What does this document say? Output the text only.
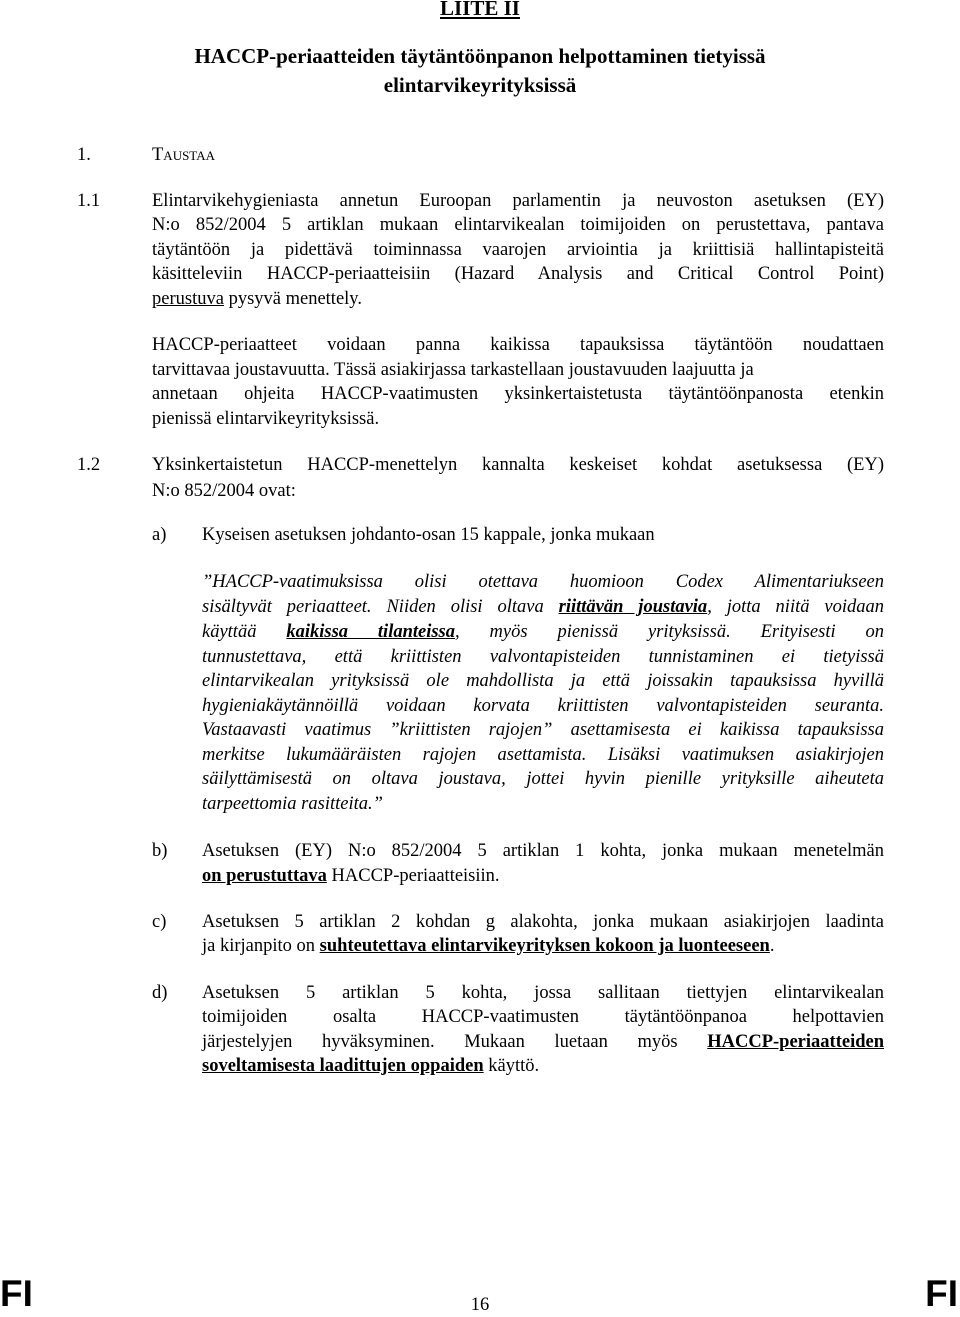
LIITE II
HACCP-periaatteiden täytäntöönpanon helpottaminen tietyissä
elintarvikeyrityksissä
1.	Taustaa
1.1	Elintarvikehygieniasta annetun Euroopan parlamentin ja neuvoston asetuksen (EY)
N:o 852/2004 5 artiklan mukaan elintarvikealan toimijoiden on perustettava, pantava
täytäntöön ja pidettävä toiminnassa vaarojen arviointia ja kriittisiä hallintapisteitä
käsitteleviin HACCP-periaatteisiin (Hazard Analysis and Critical Control Point)
perustuva pysyvä menettely.
HACCP-periaatteet voidaan panna kaikissa tapauksissa täytäntöön noudattaen
tarvittavaa joustavuutta. Tässä asiakirjassa tarkastellaan joustavuuden laajuutta ja
annetaan ohjeita HACCP-vaatimusten yksinkertaistetusta täytäntöönpanosta etenkin
pienissä elintarvikeyrityksissä.
1.2	Yksinkertaistetun HACCP-menettelyn kannalta keskeiset kohdat asetuksessa (EY)
N:o 852/2004 ovat:
a) Kyseisen asetuksen johdanto-osan 15 kappale, jonka mukaan
”HACCP-vaatimuksissa olisi otettava huomioon Codex Alimentariukseen
sisältyvät periaatteet. Niiden olisi oltava riittävän joustavia, jotta niitä voidaan
käyttää kaikissa tilanteissa, myös pienissä yrityksissä. Erityisesti on
tunnustettava, että kriittisten valvontapisteiden tunnistaminen ei tietyissä
elintarvikealan yrityksissä ole mahdollista ja että joissakin tapauksissa hyvillä
hygieniakäytännöillä voidaan korvata kriittisten valvontapisteiden seuranta.
Vastaavasti vaatimus ”kriittisten rajojen” asettamisesta ei kaikissa tapauksissa
merkitse lukumääräisten rajojen asettamista. Lisäksi vaatimuksen asiakirjojen
säilyttämisestä on oltava joustava, jottei hyvin pienille yrityksille aiheuteta
tarpeettomia rasitteita.”
b) Asetuksen (EY) N:o 852/2004 5 artiklan 1 kohta, jonka mukaan menetelmän
on perustuttava HACCP-periaatteisiin.
c) Asetuksen 5 artiklan 2 kohdan g alakohta, jonka mukaan asiakirjojen laadinta
ja kirjanpito on suhteutettava elintarvikeyrityksen kokoon ja luonteeseen.
d) Asetuksen 5 artiklan 5 kohta, jossa sallitaan tiettyjen elintarvikealan
toimijoiden osalta HACCP-vaatimusten täytäntöönpanoa helpottavien
järjestelyjen hyväksyminen. Mukaan luetaan myös HACCP-periaatteiden
soveltamisesta laadittujen oppaiden käyttö.
FI	16	FI
